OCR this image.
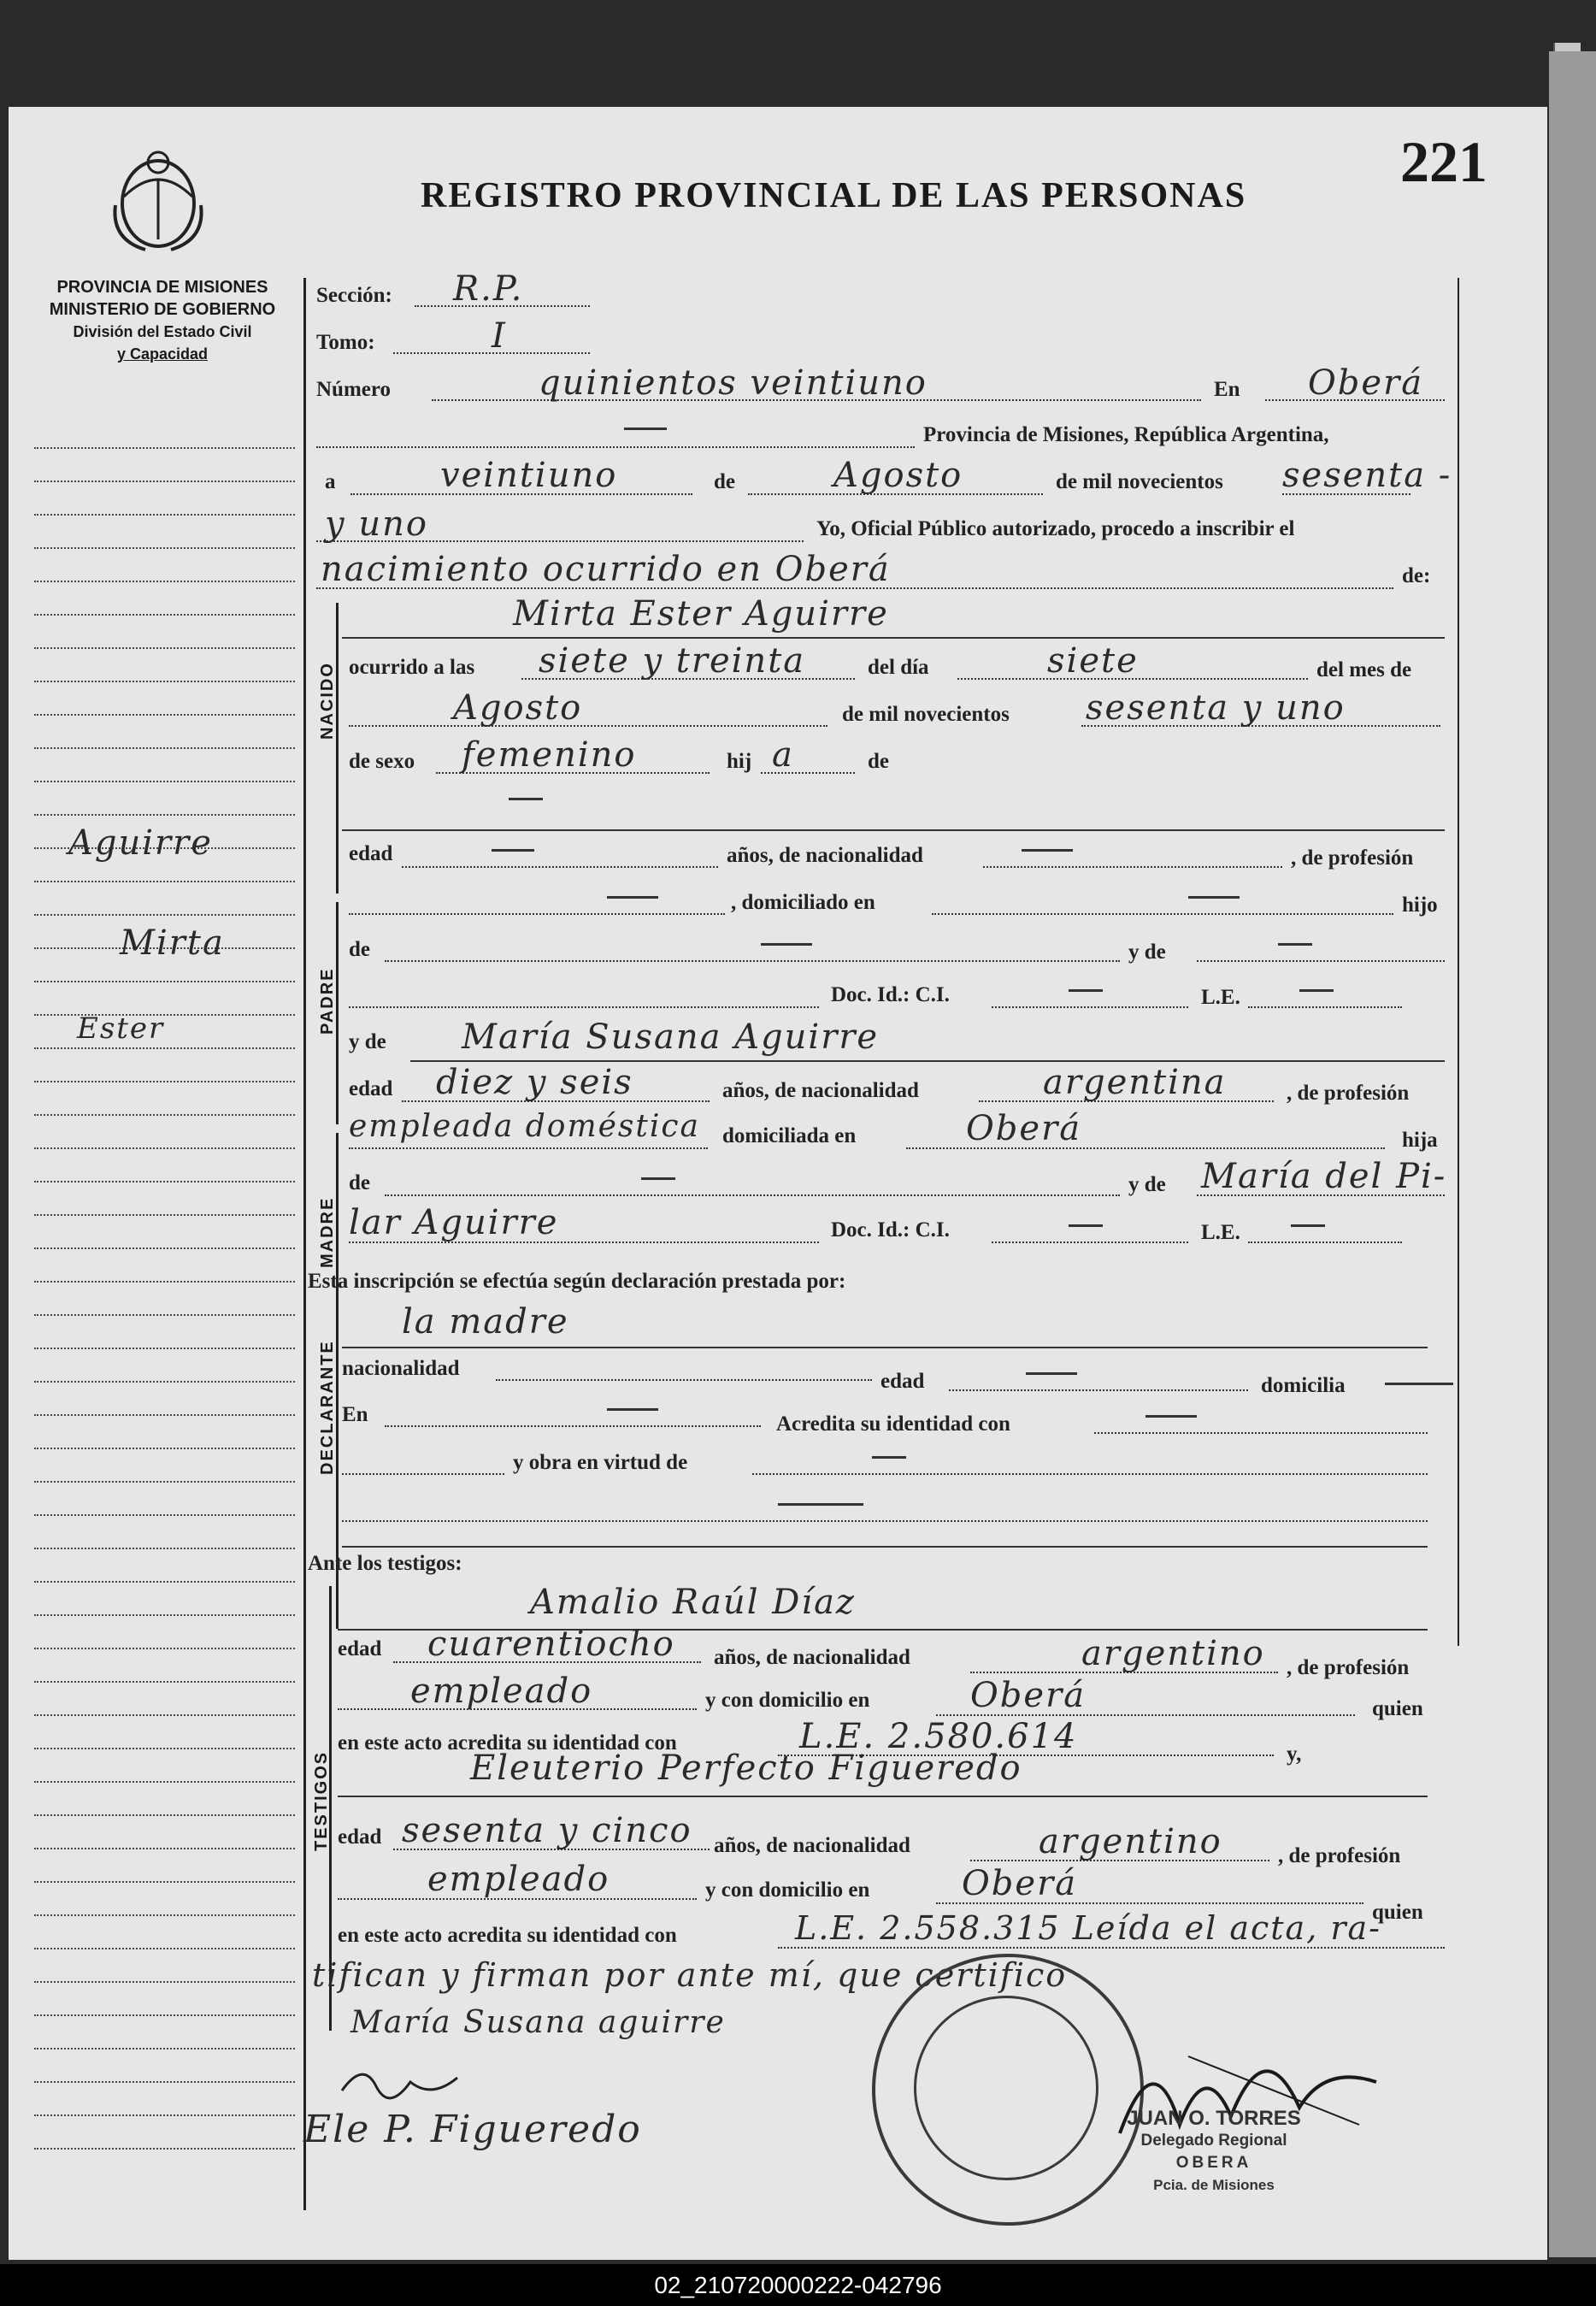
221
REGISTRO PROVINCIAL DE LAS PERSONAS
PROVINCIA DE MISIONES
MINISTERIO DE GOBIERNO
División del Estado Civil
y Capacidad
Aguirre
Mirta
Ester
Sección: R.P.
Tomo:	I
Número	quinientos veintiuno	En Oberá
Provincia de Misiones, República Argentina,
a	veintiuno	de	Agosto	de mil novecientos sesenta -
y uno	Yo, Oficial Público autorizado, procedo a inscribir el
nacimiento ocurrido en Oberá	de:
NACIDO
Mirta Ester Aguirre
ocurrido a las siete y treinta	del día	siete	del mes de
Agosto	de mil novecientos sesenta y uno
de sexo femenino	hij a	de
PADRE
edad	años, de nacionalidad	, de profesión
, domiciliado en	hijo
de	y de
Doc. Id.: C.I.	L.E.
MADRE
y de María Susana Aguirre
edad diez y seis	años, de nacionalidad	argentina	, de profesión
empleada doméstica domiciliada en	Oberá	hija
de	y de María del Pi-
lar Aguirre	Doc. Id.: C.I.	L.E.
Esta inscripción se efectúa según declaración prestada por:
DECLARANTE
la madre
nacionalidad
edad	domicilia
En	Acredita su identidad con
y obra en virtud de
Ante los testigos:
TESTIGOS
Amalio Raúl Díaz
edad cuarentiocho años, de nacionalidad	argentino , de profesión
empleado	y con domicilio en	Oberá	quien
en este acto acredita su identidad con	L.E. 2.580.614	y,
Eleuterio Perfecto Figueredo
edad sesenta y cinco años, de nacionalidad	argentino	, de profesión
empleado	y con domicilio en	Oberá
quien
en este acto acredita su identidad con	L.E. 2.558.315 Leída el acta, ra-
tifican y firman por ante mí, que certifico
María Susana aguirre
Ele P. Figueredo	JUAN O. TORRES
Delegado Regional
OBERA
Pcia. de Misiones
02_210720000222-042796
